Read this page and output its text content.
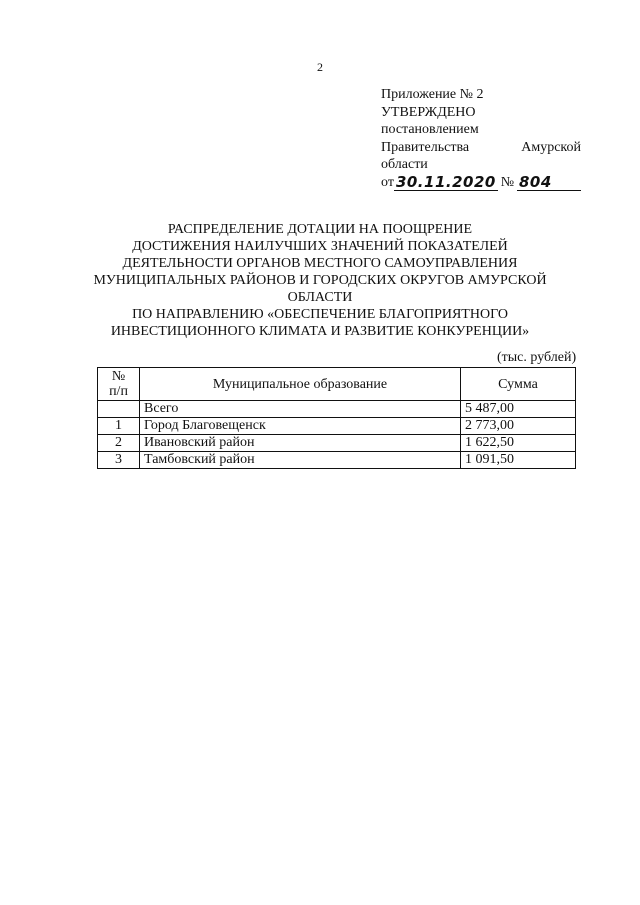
2
Приложение № 2
УТВЕРЖДЕНО
постановлением
Правительства	Амурской
области
от 30.11.2020 № 804
РАСПРЕДЕЛЕНИЕ ДОТАЦИИ НА ПООЩРЕНИЕ
ДОСТИЖЕНИЯ НАИЛУЧШИХ ЗНАЧЕНИЙ ПОКАЗАТЕЛЕЙ
ДЕЯТЕЛЬНОСТИ ОРГАНОВ МЕСТНОГО САМОУПРАВЛЕНИЯ
МУНИЦИПАЛЬНЫХ РАЙОНОВ И ГОРОДСКИХ ОКРУГОВ АМУРСКОЙ
ОБЛАСТИ
ПО НАПРАВЛЕНИЮ «ОБЕСПЕЧЕНИЕ БЛАГОПРИЯТНОГО
ИНВЕСТИЦИОННОГО КЛИМАТА И РАЗВИТИЕ КОНКУРЕНЦИИ»
(тыс. рублей)
№
п/п	Муниципальное образование	Сумма
	Всего	5 487,00
1	Город Благовещенск	2 773,00
2	Ивановский район	1 622,50
3	Тамбовский район	1 091,50
